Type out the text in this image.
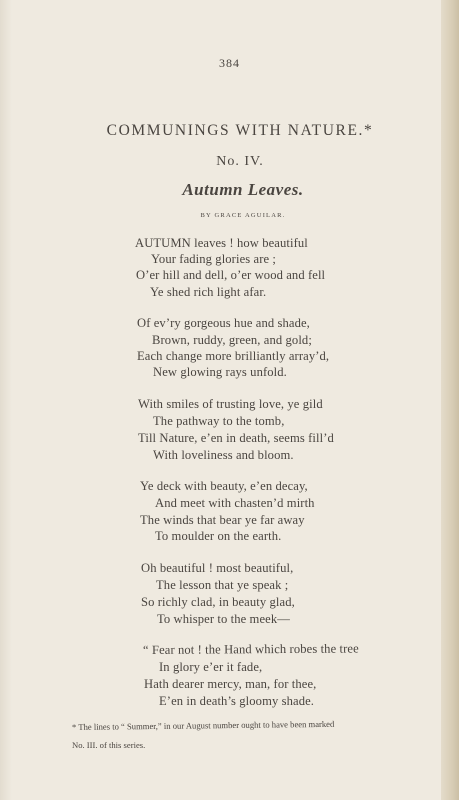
384
COMMUNINGS WITH NATURE.*
No. IV.
Autumn Leaves.
BY GRACE AGUILAR.
AUTUMN leaves ! how beautiful
Your fading glories are ;
O’er hill and dell, o’er wood and fell
Ye shed rich light afar.
Of ev’ry gorgeous hue and shade,
Brown, ruddy, green, and gold;
Each change more brilliantly array’d,
New glowing rays unfold.
With smiles of trusting love, ye gild
The pathway to the tomb,
Till Nature, e’en in death, seems fill’d
With loveliness and bloom.
Ye deck with beauty, e’en decay,
And meet with chasten’d mirth
The winds that bear ye far away
To moulder on the earth.
Oh beautiful ! most beautiful,
The lesson that ye speak ;
So richly clad, in beauty glad,
To whisper to the meek—
“ Fear not ! the Hand which robes the tree
In glory e’er it fade,
Hath dearer mercy, man, for thee,
E’en in death’s gloomy shade.
* The lines to “ Summer,” in our August number ought to have been marked
No. III. of this series.
